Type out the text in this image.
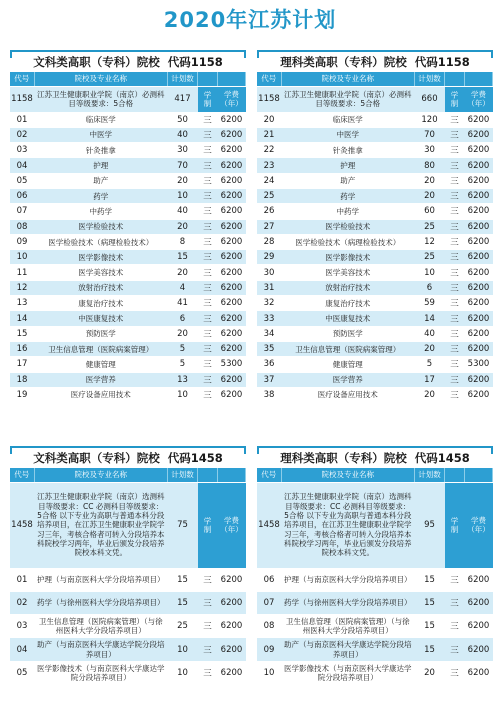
2020年江苏计划
文科类高职（专科）院校 代码1158
代号	院校及专业名称	计划数		
1158	江苏卫生健康职业学院（南京）必测科目等级要求：5合格	417	学制	学费（年）
01	临床医学	50	三	6200
02	中医学	40	三	6200
03	针灸推拿	30	三	6200
04	护理	70	三	6200
05	助产	20	三	6200
06	药学	10	三	6200
07	中药学	40	三	6200
08	医学检验技术	20	三	6200
09	医学检验技术（病理检验技术）	8	三	6200
10	医学影像技术	15	三	6200
11	医学美容技术	20	三	6200
12	放射治疗技术	4	三	6200
13	康复治疗技术	41	三	6200
14	中医康复技术	6	三	6200
15	预防医学	20	三	6200
16	卫生信息管理（医院病案管理）	5	三	6200
17	健康管理	5	三	5300
18	医学营养	13	三	6200
19	医疗设备应用技术	10	三	6200
理科类高职（专科）院校 代码1158
代号	院校及专业名称	计划数		
1158	江苏卫生健康职业学院（南京）必测科目等级要求：5合格	660	学制	学费（年）
20	临床医学	120	三	6200
21	中医学	70	三	6200
22	针灸推拿	30	三	6200
23	护理	80	三	6200
24	助产	20	三	6200
25	药学	20	三	6200
26	中药学	60	三	6200
27	医学检验技术	25	三	6200
28	医学检验技术（病理检验技术）	12	三	6200
29	医学影像技术	25	三	6200
30	医学美容技术	10	三	6200
31	放射治疗技术	6	三	6200
32	康复治疗技术	59	三	6200
33	中医康复技术	14	三	6200
34	预防医学	40	三	6200
35	卫生信息管理（医院病案管理）	20	三	6200
36	健康管理	5	三	5300
37	医学营养	17	三	6200
38	医疗设备应用技术	20	三	6200
文科类高职（专科）院校 代码1458
代号	院校及专业名称	计划数		
1458	江苏卫生健康职业学院（南京）选测科目等级要求：CC 必测科目等级要求：5合格 以下专业为高职与普通本科分段培养项目，在江苏卫生健康职业学院学习三年，考核合格者可转入分段培养本科院校学习两年，毕业后颁发分段培养院校本科文凭。	75	学制	学费（年）
01	护理（与南京医科大学分段培养项目）	15	三	6200
02	药学（与徐州医科大学分段培养项目）	15	三	6200
03	卫生信息管理（医院病案管理）（与徐州医科大学分段培养项目）	25	三	6200
04	助产（与南京医科大学康达学院分段培养项目）	10	三	6200
05	医学影像技术（与南京医科大学康达学院分段培养项目）	10	三	6200
理科类高职（专科）院校 代码1458
代号	院校及专业名称	计划数		
1458	江苏卫生健康职业学院（南京）选测科目等级要求：CC 必测科目等级要求：5合格 以下专业为高职与普通本科分段培养项目，在江苏卫生健康职业学院学习三年，考核合格者可转入分段培养本科院校学习两年，毕业后颁发分段培养院校本科文凭。	95	学制	学费（年）
06	护理（与南京医科大学分段培养项目）	15	三	6200
07	药学（与徐州医科大学分段培养项目）	15	三	6200
08	卫生信息管理（医院病案管理）（与徐州医科大学分段培养项目）	15	三	6200
09	助产（与南京医科大学康达学院分段培养项目）	15	三	6200
10	医学影像技术（与南京医科大学康达学院分段培养项目）	20	三	6200
